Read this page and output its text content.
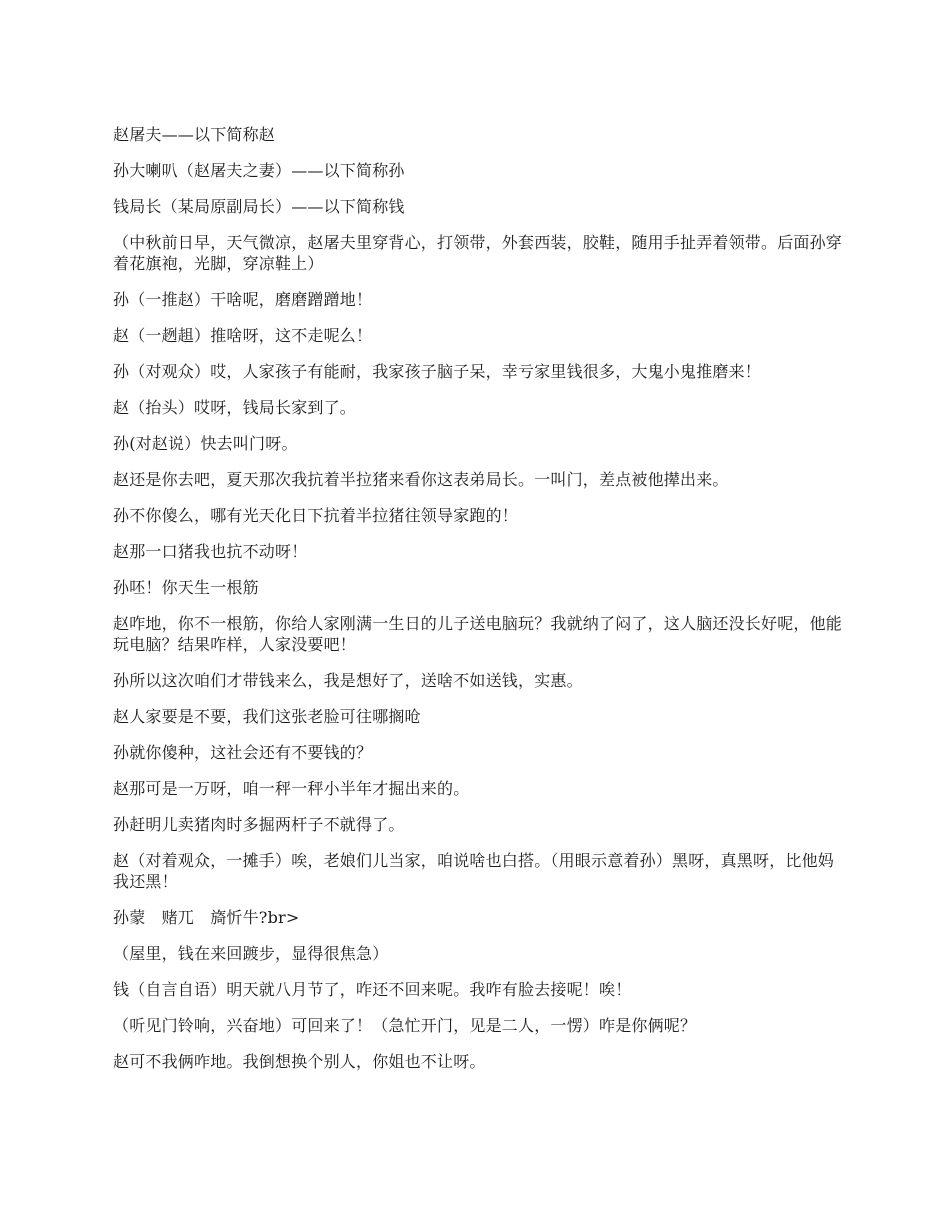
赵屠夫——以下简称赵

孙大喇叭（赵屠夫之妻）——以下简称孙

钱局长（某局原副局长）——以下简称钱

（中秋前日早，天气微凉，赵屠夫里穿背心，打领带，外套西装，胶鞋，随用手扯弄着领带。后面孙穿着花旗袍，光脚，穿凉鞋上）

孙（一推赵）干啥呢，磨磨蹭蹭地！

赵（一趔趄）推啥呀，这不走呢么！

孙（对观众）哎，人家孩子有能耐，我家孩子脑子呆，幸亏家里钱很多，大鬼小鬼推磨来！

赵（抬头）哎呀，钱局长家到了。

孙(对赵说）快去叫门呀。

赵还是你去吧，夏天那次我抗着半拉猪来看你这表弟局长。一叫门，差点被他撵出来。

孙不你傻么，哪有光天化日下抗着半拉猪往领导家跑的！

赵那一口猪我也抗不动呀！

孙呸！你天生一根筋

赵咋地，你不一根筋，你给人家刚满一生日的儿子送电脑玩？我就纳了闷了，这人脑还没长好呢，他能玩电脑？结果咋样，人家没要吧！

孙所以这次咱们才带钱来么，我是想好了，送啥不如送钱，实惠。

赵人家要是不要，我们这张老脸可往哪搁呛

孙就你傻种，这社会还有不要钱的？

赵那可是一万呀，咱一秤一秤小半年才掘出来的。

孙赶明儿卖猪肉时多掘两杆子不就得了。

赵（对着观众，一摊手）唉，老娘们儿当家，咱说啥也白搭。（用眼示意着孙）黑呀，真黑呀，比他妈我还黑！

孙蒙　赌兀　旖忻牛?br>

（屋里，钱在来回踱步，显得很焦急）

钱（自言自语）明天就八月节了，咋还不回来呢。我咋有脸去接呢！唉！

（听见门铃响，兴奋地）可回来了！（急忙开门，见是二人，一愣）咋是你俩呢？

赵可不我俩咋地。我倒想换个别人，你姐也不让呀。
